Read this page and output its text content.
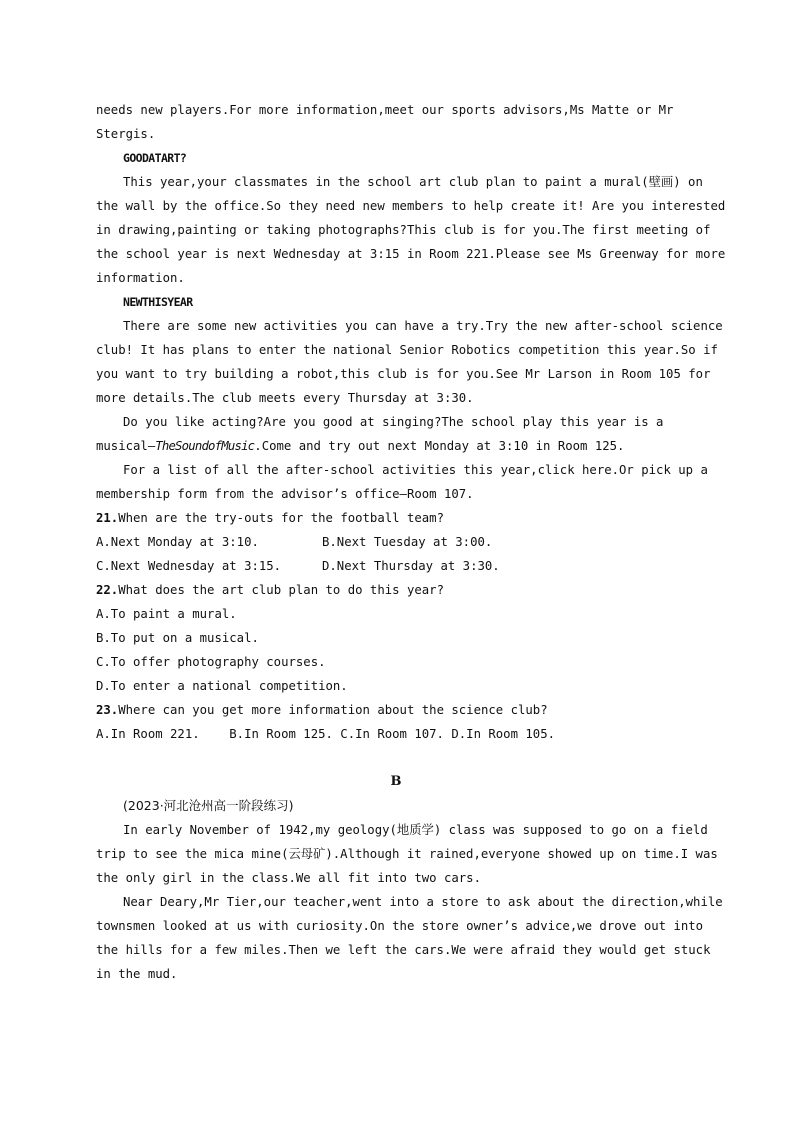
needs new players.For more information,meet our sports advisors,Ms Matte or Mr
Stergis.
GOODATART?
This year,your classmates in the school art club plan to paint a mural(壁画) on
the wall by the office.So they need new members to help create it! Are you interested
in drawing,painting or taking photographs?This club is for you.The first meeting of
the school year is next Wednesday at 3:15 in Room 221.Please see Ms Greenway for more
information.
NEWTHISYEAR
There are some new activities you can have a try.Try the new after-school science
club! It has plans to enter the national Senior Robotics competition this year.So if
you want to try building a robot,this club is for you.See Mr Larson in Room 105 for
more details.The club meets every Thursday at 3:30.
Do you like acting?Are you good at singing?The school play this year is a
musical—TheSoundofMusic.Come and try out next Monday at 3:10 in Room 125.
For a list of all the after-school activities this year,click here.Or pick up a
membership form from the advisor’s office—Room 107.
21.When are the try-outs for the football team?
A.Next Monday at 3:10.	B.Next Tuesday at 3:00.
C.Next Wednesday at 3:15.	D.Next Thursday at 3:30.
22.What does the art club plan to do this year?
A.To paint a mural.
B.To put on a musical.
C.To offer photography courses.
D.To enter a national competition.
23.Where can you get more information about the science club?
A.In Room 221.    B.In Room 125. C.In Room 107. D.In Room 105.
B
(2023·河北沧州高一阶段练习)
In early November of 1942,my geology(地质学) class was supposed to go on a field
trip to see the mica mine(云母矿).Although it rained,everyone showed up on time.I was
the only girl in the class.We all fit into two cars.
Near Deary,Mr Tier,our teacher,went into a store to ask about the direction,while
townsmen looked at us with curiosity.On the store owner’s advice,we drove out into
the hills for a few miles.Then we left the cars.We were afraid they would get stuck
in the mud.
